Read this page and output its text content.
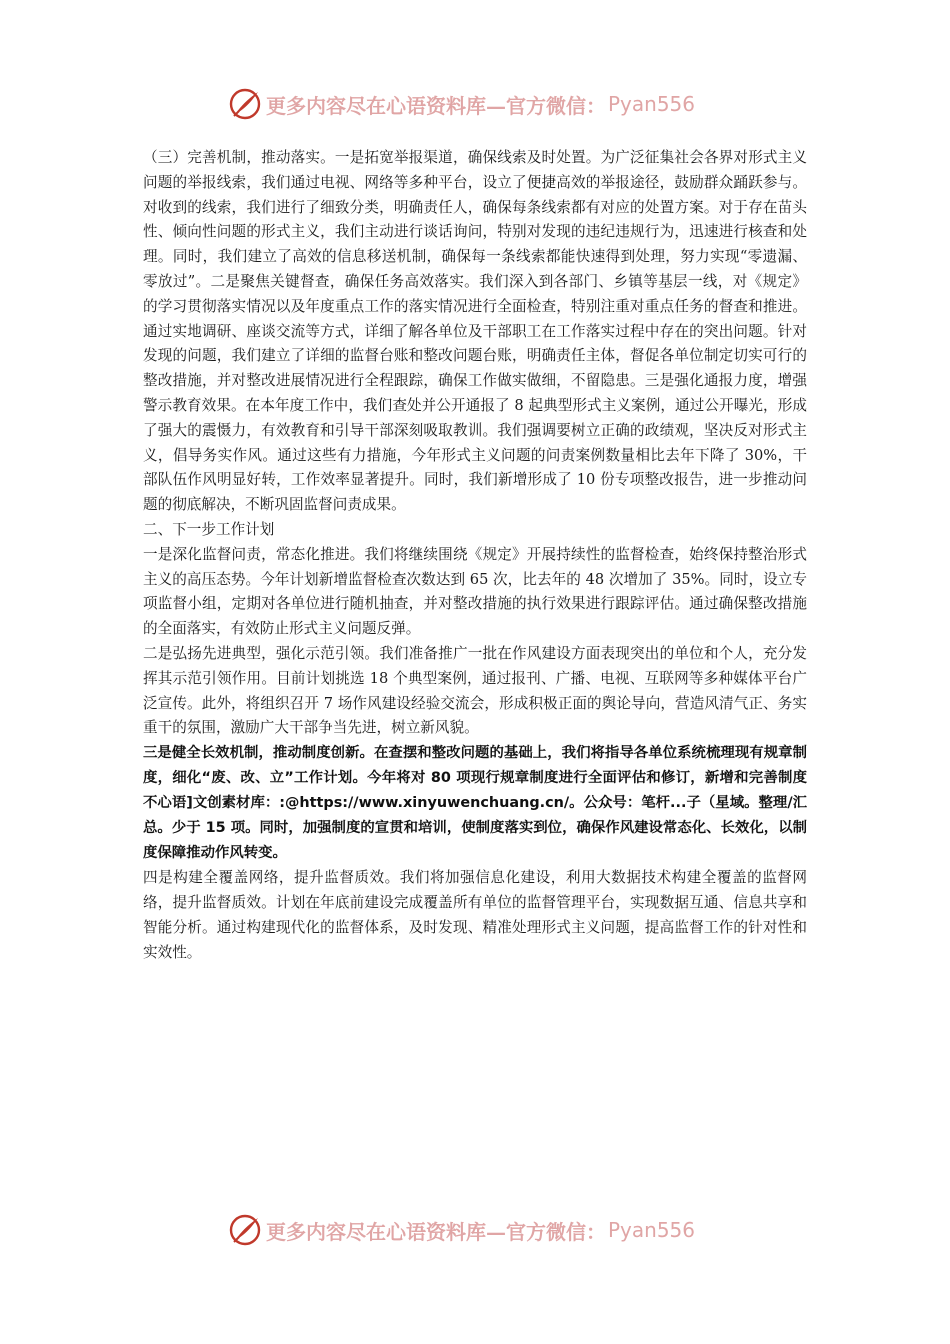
更多内容尽在心语资料库—官方微信： Pyan556

（三）完善机制，推动落实。一是拓宽举报渠道，确保线索及时处置。为广泛征集社会各界对形式主义问题的举报线索，我们通过电视、网络等多种平台，设立了便捷高效的举报途径，鼓励群众踊跃参与。对收到的线索，我们进行了细致分类，明确责任人，确保每条线索都有对应的处置方案。对于存在苗头性、倾向性问题的形式主义，我们主动进行谈话询问，特别对发现的违纪违规行为，迅速进行核查和处理。同时，我们建立了高效的信息移送机制，确保每一条线索都能快速得到处理，努力实现“零遗漏、零放过”。二是聚焦关键督查，确保任务高效落实。我们深入到各部门、乡镇等基层一线，对《规定》的学习贯彻落实情况以及年度重点工作的落实情况进行全面检查，特别注重对重点任务的督查和推进。通过实地调研、座谈交流等方式，详细了解各单位及干部职工在工作落实过程中存在的突出问题。针对发现的问题，我们建立了详细的监督台账和整改问题台账，明确责任主体，督促各单位制定切实可行的整改措施，并对整改进展情况进行全程跟踪，确保工作做实做细，不留隐患。三是强化通报力度，增强警示教育效果。在本年度工作中，我们查处并公开通报了 8 起典型形式主义案例，通过公开曝光，形成了强大的震慑力，有效教育和引导干部深刻吸取教训。我们强调要树立正确的政绩观，坚决反对形式主义，倡导务实作风。通过这些有力措施，今年形式主义问题的问责案例数量相比去年下降了 30%，干部队伍作风明显好转，工作效率显著提升。同时，我们新增形成了 10 份专项整改报告，进一步推动问题的彻底解决，不断巩固监督问责成果。

二、下一步工作计划

一是深化监督问责，常态化推进。我们将继续围绕《规定》开展持续性的监督检查，始终保持整治形式主义的高压态势。今年计划新增监督检查次数达到 65 次，比去年的 48 次增加了 35%。同时，设立专项监督小组，定期对各单位进行随机抽查，并对整改措施的执行效果进行跟踪评估。通过确保整改措施的全面落实，有效防止形式主义问题反弹。

二是弘扬先进典型，强化示范引领。我们准备推广一批在作风建设方面表现突出的单位和个人，充分发挥其示范引领作用。目前计划挑选 18 个典型案例，通过报刊、广播、电视、互联网等多种媒体平台广泛宣传。此外，将组织召开 7 场作风建设经验交流会，形成积极正面的舆论导向，营造风清气正、务实重干的氛围，激励广大干部争当先进，树立新风貌。

三是健全长效机制，推动制度创新。在查摆和整改问题的基础上，我们将指导各单位系统梳理现有规章制度，细化“废、改、立”工作计划。今年将对 80 项现行规章制度进行全面评估和修订，新增和完善制度不心语]文创素材库：:@https://www.xinyuwenchuang.cn/。公众号：笔杆...子（星域。整理/汇总。少于 15 项。同时，加强制度的宣贯和培训，使制度落实到位，确保作风建设常态化、长效化，以制度保障推动作风转变。

四是构建全覆盖网络，提升监督质效。我们将加强信息化建设，利用大数据技术构建全覆盖的监督网络，提升监督质效。计划在年底前建设完成覆盖所有单位的监督管理平台，实现数据互通、信息共享和智能分析。通过构建现代化的监督体系，及时发现、精准处理形式主义问题，提高监督工作的针对性和实效性。

更多内容尽在心语资料库—官方微信： Pyan556
